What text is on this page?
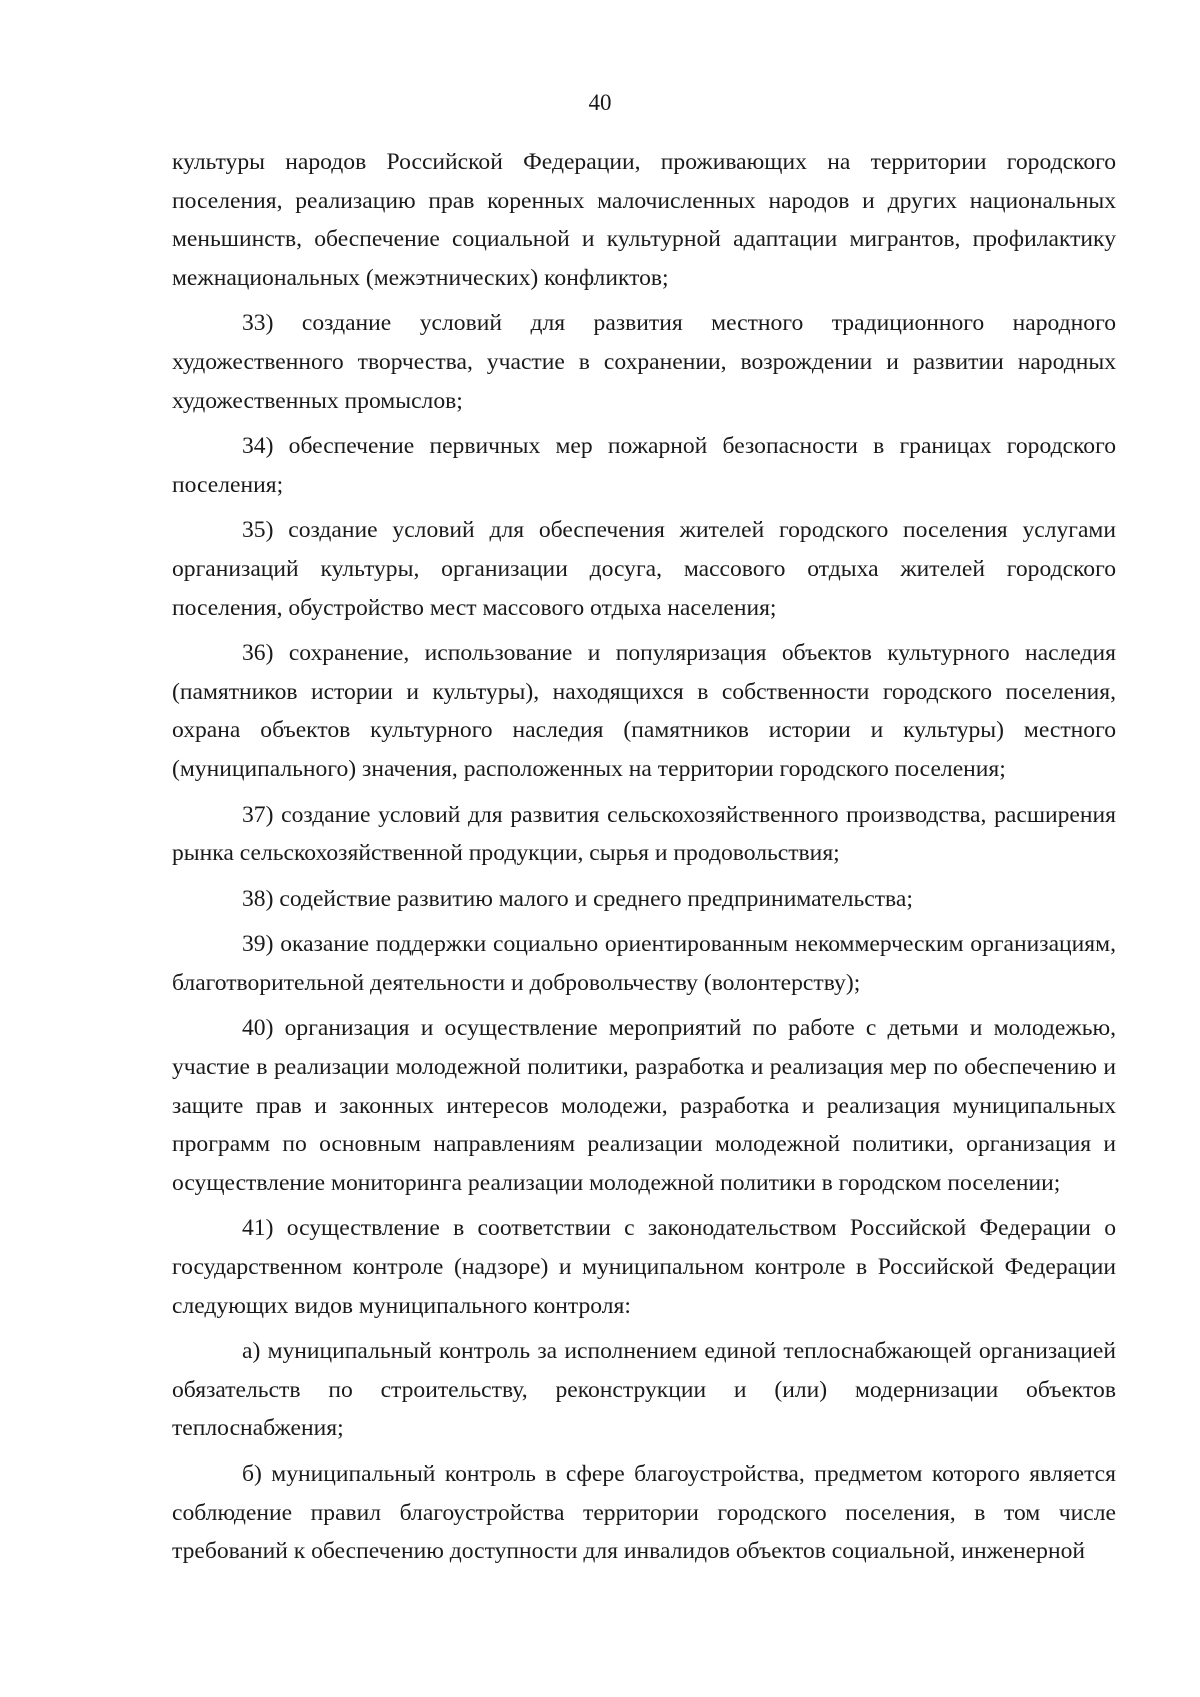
40

культуры народов Российской Федерации, проживающих на территории городского поселения, реализацию прав коренных малочисленных народов и других национальных меньшинств, обеспечение социальной и культурной адаптации мигрантов, профилактику межнациональных (межэтнических) конфликтов;

33) создание условий для развития местного традиционного народного художественного творчества, участие в сохранении, возрождении и развитии народных художественных промыслов;

34) обеспечение первичных мер пожарной безопасности в границах городского поселения;

35) создание условий для обеспечения жителей городского поселения услугами организаций культуры, организации досуга, массового отдыха жителей городского поселения, обустройство мест массового отдыха населения;

36) сохранение, использование и популяризация объектов культурного наследия (памятников истории и культуры), находящихся в собственности городского поселения, охрана объектов культурного наследия (памятников истории и культуры) местного (муниципального) значения, расположенных на территории городского поселения;

37) создание условий для развития сельскохозяйственного производства, расширения рынка сельскохозяйственной продукции, сырья и продовольствия;

38) содействие развитию малого и среднего предпринимательства;

39) оказание поддержки социально ориентированным некоммерческим организациям, благотворительной деятельности и добровольчеству (волонтерству);

40) организация и осуществление мероприятий по работе с детьми и молодежью, участие в реализации молодежной политики, разработка и реализация мер по обеспечению и защите прав и законных интересов молодежи, разработка и реализация муниципальных программ по основным направлениям реализации молодежной политики, организация и осуществление мониторинга реализации молодежной политики в городском поселении;

41) осуществление в соответствии с законодательством Российской Федерации о государственном контроле (надзоре) и муниципальном контроле в Российской Федерации следующих видов муниципального контроля:

а) муниципальный контроль за исполнением единой теплоснабжающей организацией обязательств по строительству, реконструкции и (или) модернизации объектов теплоснабжения;

б) муниципальный контроль в сфере благоустройства, предметом которого является соблюдение правил благоустройства территории городского поселения, в том числе требований к обеспечению доступности для инвалидов объектов социальной, инженерной
